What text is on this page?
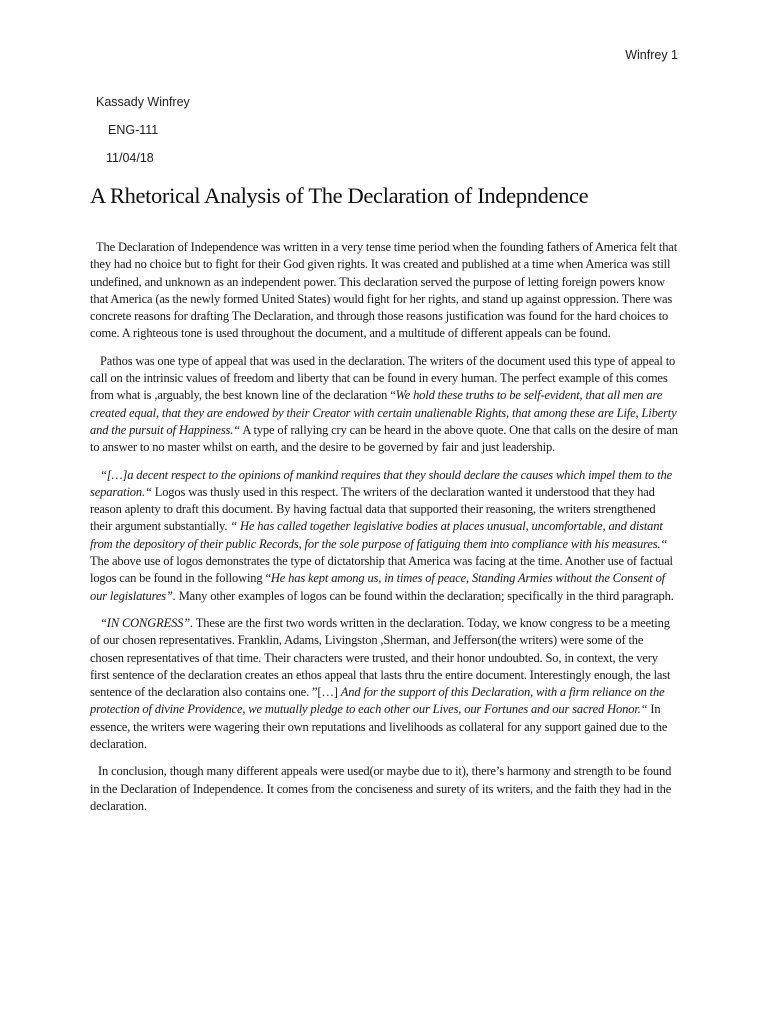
Winfrey 1
Kassady Winfrey
ENG-111
11/04/18
A Rhetorical Analysis of The Declaration of Indepndence

The Declaration of Independence was written in a very tense time period when the founding fathers of America felt that they had no choice but to fight for their God given rights. It was created and published at a time when America was still undefined, and unknown as an independent power. This declaration served the purpose of letting foreign powers know that America (as the newly formed United States) would fight for her rights, and stand up against oppression. There was concrete reasons for drafting The Declaration, and through those reasons justification was found for the hard choices to come. A righteous tone is used throughout the document, and a multitude of different appeals can be found.

Pathos was one type of appeal that was used in the declaration. The writers of the document used this type of appeal to call on the intrinsic values of freedom and liberty that can be found in every human. The perfect example of this comes from what is ,arguably, the best known line of the declaration “We hold these truths to be self-evident, that all men are created equal, that they are endowed by their Creator with certain unalienable Rights, that among these are Life, Liberty and the pursuit of Happiness.“ A type of rallying cry can be heard in the above quote. One that calls on the desire of man to answer to no master whilst on earth, and the desire to be governed by fair and just leadership.

“[…]a decent respect to the opinions of mankind requires that they should declare the causes which impel them to the separation.“ Logos was thusly used in this respect. The writers of the declaration wanted it understood that they had reason aplenty to draft this document. By having factual data that supported their reasoning, the writers strengthened their argument substantially. “ He has called together legislative bodies at places unusual, uncomfortable, and distant from the depository of their public Records, for the sole purpose of fatiguing them into compliance with his measures.“ The above use of logos demonstrates the type of dictatorship that America was facing at the time. Another use of factual logos can be found in the following “He has kept among us, in times of peace, Standing Armies without the Consent of our legislatures”. Many other examples of logos can be found within the declaration; specifically in the third paragraph.

“IN CONGRESS”. These are the first two words written in the declaration. Today, we know congress to be a meeting of our chosen representatives. Franklin, Adams, Livingston ,Sherman, and Jefferson(the writers) were some of the chosen representatives of that time. Their characters were trusted, and their honor undoubted. So, in context, the very first sentence of the declaration creates an ethos appeal that lasts thru the entire document. Interestingly enough, the last sentence of the declaration also contains one. ”[…] And for the support of this Declaration, with a firm reliance on the protection of divine Providence, we mutually pledge to each other our Lives, our Fortunes and our sacred Honor.“ In essence, the writers were wagering their own reputations and livelihoods as collateral for any support gained due to the declaration.

In conclusion, though many different appeals were used(or maybe due to it), there’s harmony and strength to be found in the Declaration of Independence. It comes from the conciseness and surety of its writers, and the faith they had in the declaration.
